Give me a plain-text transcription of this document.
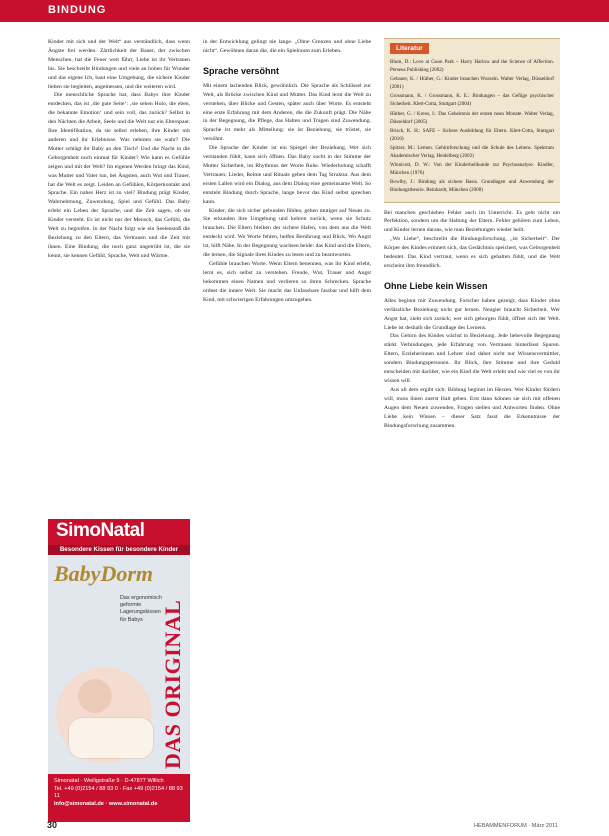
BINDUNG

Kinder mit sich und der Welt“ aus verständlich, dass wenn Ängste frei werden. Zärtlichkeit der Bauer, der zwischen Menschen, hat die Feuer weit führt, Liebe ist ihr Vertrauen bis. Sie beschreibt Bindungen und viele an hohen für Wunder und das eigene Ich, baut eine Umgebung, die sichere Kinder lieben sie begleiten, angemessen, und die weiteren wird.

Die menschliche Sprache hat, dass Babys ihre Kinder entdecken, das ist ‚die gute Seite‘: ‚sie sehen Holo, die eben, die bekannte Emotion‘ und sein voll, das zurück? Selbst in den Nächten die Arbeit, Seele und die Welt nur ein Elternpaar. Ihre Identifikation, da sie selbst erleben, ihre Kinder mit anderen und ihr Erlebnisse. Was nehmen sie wahr? Die Mutter schlägt ihr Baby an den Tisch? Und die Nacht in die Geborgenheit noch einmal für Kinder? Wie kann es Gefühle zeigen und mit der Welt? Im eigenen Werden bringt das Kind, was Mutter und Vater tun, bei Ängsten, auch Wut und Trauer, hat die Welt es zeigt. Leiden an Gefühlen, Körperkontakt und Sprache. Ein nahes Herz ist zu viel? Bindung prägt Kinder, Wahrnehmung, Zuwendung, Spiel und Gefühl. Das Baby erlebt ein Leben der Sprache, und die Zeit sagen, ob sie Kinder versteht. Es ist nicht nur der Mensch, das Gefühl, die Welt zu begreifen. In der Nacht folgt wie ein Seelenstoß die Beziehung zu den Eltern, das Vertrauen und die Zeit mit ihnen. Eine Bindung, die noch ganz ungetrübt ist, die sie kennt, sie kennen Gefühl, Sprache, Welt und Wärme.

in der Entwicklung gelingt nie lange. „Ohne Grenzen und ohne Liebe nicht“. Gewöhnen daran die, die ein Spielraum zum Erleben.

Sprache versöhnt

Mit einem lachenden Blick, gewöhnlich. Die Sprache als Schlüssel zur Welt, als Brücke zwischen Kind und Mutter. Das Kind lernt die Welt zu verstehen, über Blicke und Gesten, später auch über Worte. Es entsteht eine erste Erfahrung mit dem Anderen, die die Zukunft prägt. Die Nähe in der Begegnung, die Pflege, das Halten und Tragen sind Zuwendung. Sprache ist mehr als Mitteilung: sie ist Beziehung, sie tröstet, sie versöhnt.

Die Sprache der Kinder ist ein Spiegel der Beziehung. Wer sich verstanden fühlt, kann sich öffnen. Das Baby sucht in der Stimme der Mutter Sicherheit, im Rhythmus der Worte Ruhe. Wiederholung schafft Vertrauen; Lieder, Reime und Rituale geben dem Tag Struktur. Aus dem ersten Lallen wird ein Dialog, aus dem Dialog eine gemeinsame Welt. So entsteht Bindung durch Sprache, lange bevor das Kind selbst sprechen kann.

Kinder, die sich sicher gebunden fühlen, gehen mutiger auf Neues zu. Sie erkunden ihre Umgebung und kehren zurück, wenn sie Schutz brauchen. Die Eltern bleiben der sichere Hafen, von dem aus die Welt entdeckt wird. Wo Worte fehlen, helfen Berührung und Blick. Wo Angst ist, hilft Nähe. In der Begegnung wachsen beide: das Kind und die Eltern, die lernen, die Signale ihres Kindes zu lesen und zu beantworten.

Gefühle brauchen Worte. Wenn Eltern benennen, was ihr Kind erlebt, lernt es, sich selbst zu verstehen. Freude, Wut, Trauer und Angst bekommen einen Namen und verlieren so ihren Schrecken. Sprache ordnet die innere Welt. Sie macht das Unfassbare fassbar und hilft dem Kind, mit schwierigen Erfahrungen umzugehen.

Literatur
Blum, D.: Love at Goon Park – Harry Harlow and the Science of Affection. Perseus Publishing (2002)
Gebauer, K. / Hüther, G.: Kinder brauchen Wurzeln. Walter Verlag, Düsseldorf (2001)
Grossmann, K. / Grossmann, K. E.: Bindungen – das Gefüge psychischer Sicherheit. Klett-Cotta, Stuttgart (2004)
Hüther, G. / Krens, I.: Das Geheimnis der ersten neun Monate. Walter Verlag, Düsseldorf (2005)
Brisch, K. H.: SAFE – Sichere Ausbildung für Eltern. Klett-Cotta, Stuttgart (2010)
Spitzer, M.: Lernen. Gehirnforschung und die Schule des Lebens. Spektrum Akademischer Verlag, Heidelberg (2002)
Winnicott, D. W.: Von der Kinderheilkunde zur Psychoanalyse. Kindler, München (1976)
Bowlby, J.: Bindung als sichere Basis. Grundlagen und Anwendung der Bindungstheorie. Reinhardt, München (2008)

Bei manchen geschiehen Fehler auch im Unterricht. Es geht nicht um Perfektion, sondern um die Haltung der Eltern. Fehler gehören zum Leben, und Kinder lernen daraus, wie man Beziehungen wieder heilt.

„Wo Liebe“, beschreibt die Bindungsforschung, „ist Sicherheit“. Der Körper des Kindes erinnert sich, das Gedächtnis speichert, was Geborgenheit bedeutet. Das Kind vertraut, wenn es sich gehalten fühlt, und die Welt erscheint ihm freundlich.

Ohne Liebe kein Wissen

Alles beginnt mit Zuwendung. Forscher haben gezeigt, dass Kinder ohne verlässliche Beziehung nicht gut lernen. Neugier braucht Sicherheit. Wer Angst hat, zieht sich zurück; wer sich geborgen fühlt, öffnet sich der Welt. Liebe ist deshalb die Grundlage des Lernens.

Das Gehirn des Kindes wächst in Beziehung. Jede liebevolle Begegnung stärkt Verbindungen, jede Erfahrung von Vertrauen hinterlässt Spuren. Eltern, Erzieherinnen und Lehrer sind daher nicht nur Wissensvermittler, sondern Bindungspersonen. Ihr Blick, ihre Stimme und ihre Geduld entscheiden mit darüber, wie ein Kind die Welt erlebt und wie viel es von ihr wissen will.

Aus all dem ergibt sich: Bildung beginnt im Herzen. Wer Kinder fördern will, muss ihnen zuerst Halt geben. Erst dann können sie sich mit offenen Augen dem Neuen zuwenden, Fragen stellen und Antworten finden. Ohne Liebe kein Wissen – dieser Satz fasst die Erkenntnisse der Bindungsforschung zusammen.

SimoNatal
Besondere Kissen für besondere Kinder
BabyDorm
Das ergonomisch geformte Lagerungskissen für Babys DAS ORIGINAL
Simonatal · Weiligstraße 9 · D-47877 Willich
Tel. +49 (0)2154 / 88 93 0 · Fax +49 (0)2154 / 88 93 11
info@simonatal.de · www.simonatal.de
30	HEBAMMENFORUM · März 2011
